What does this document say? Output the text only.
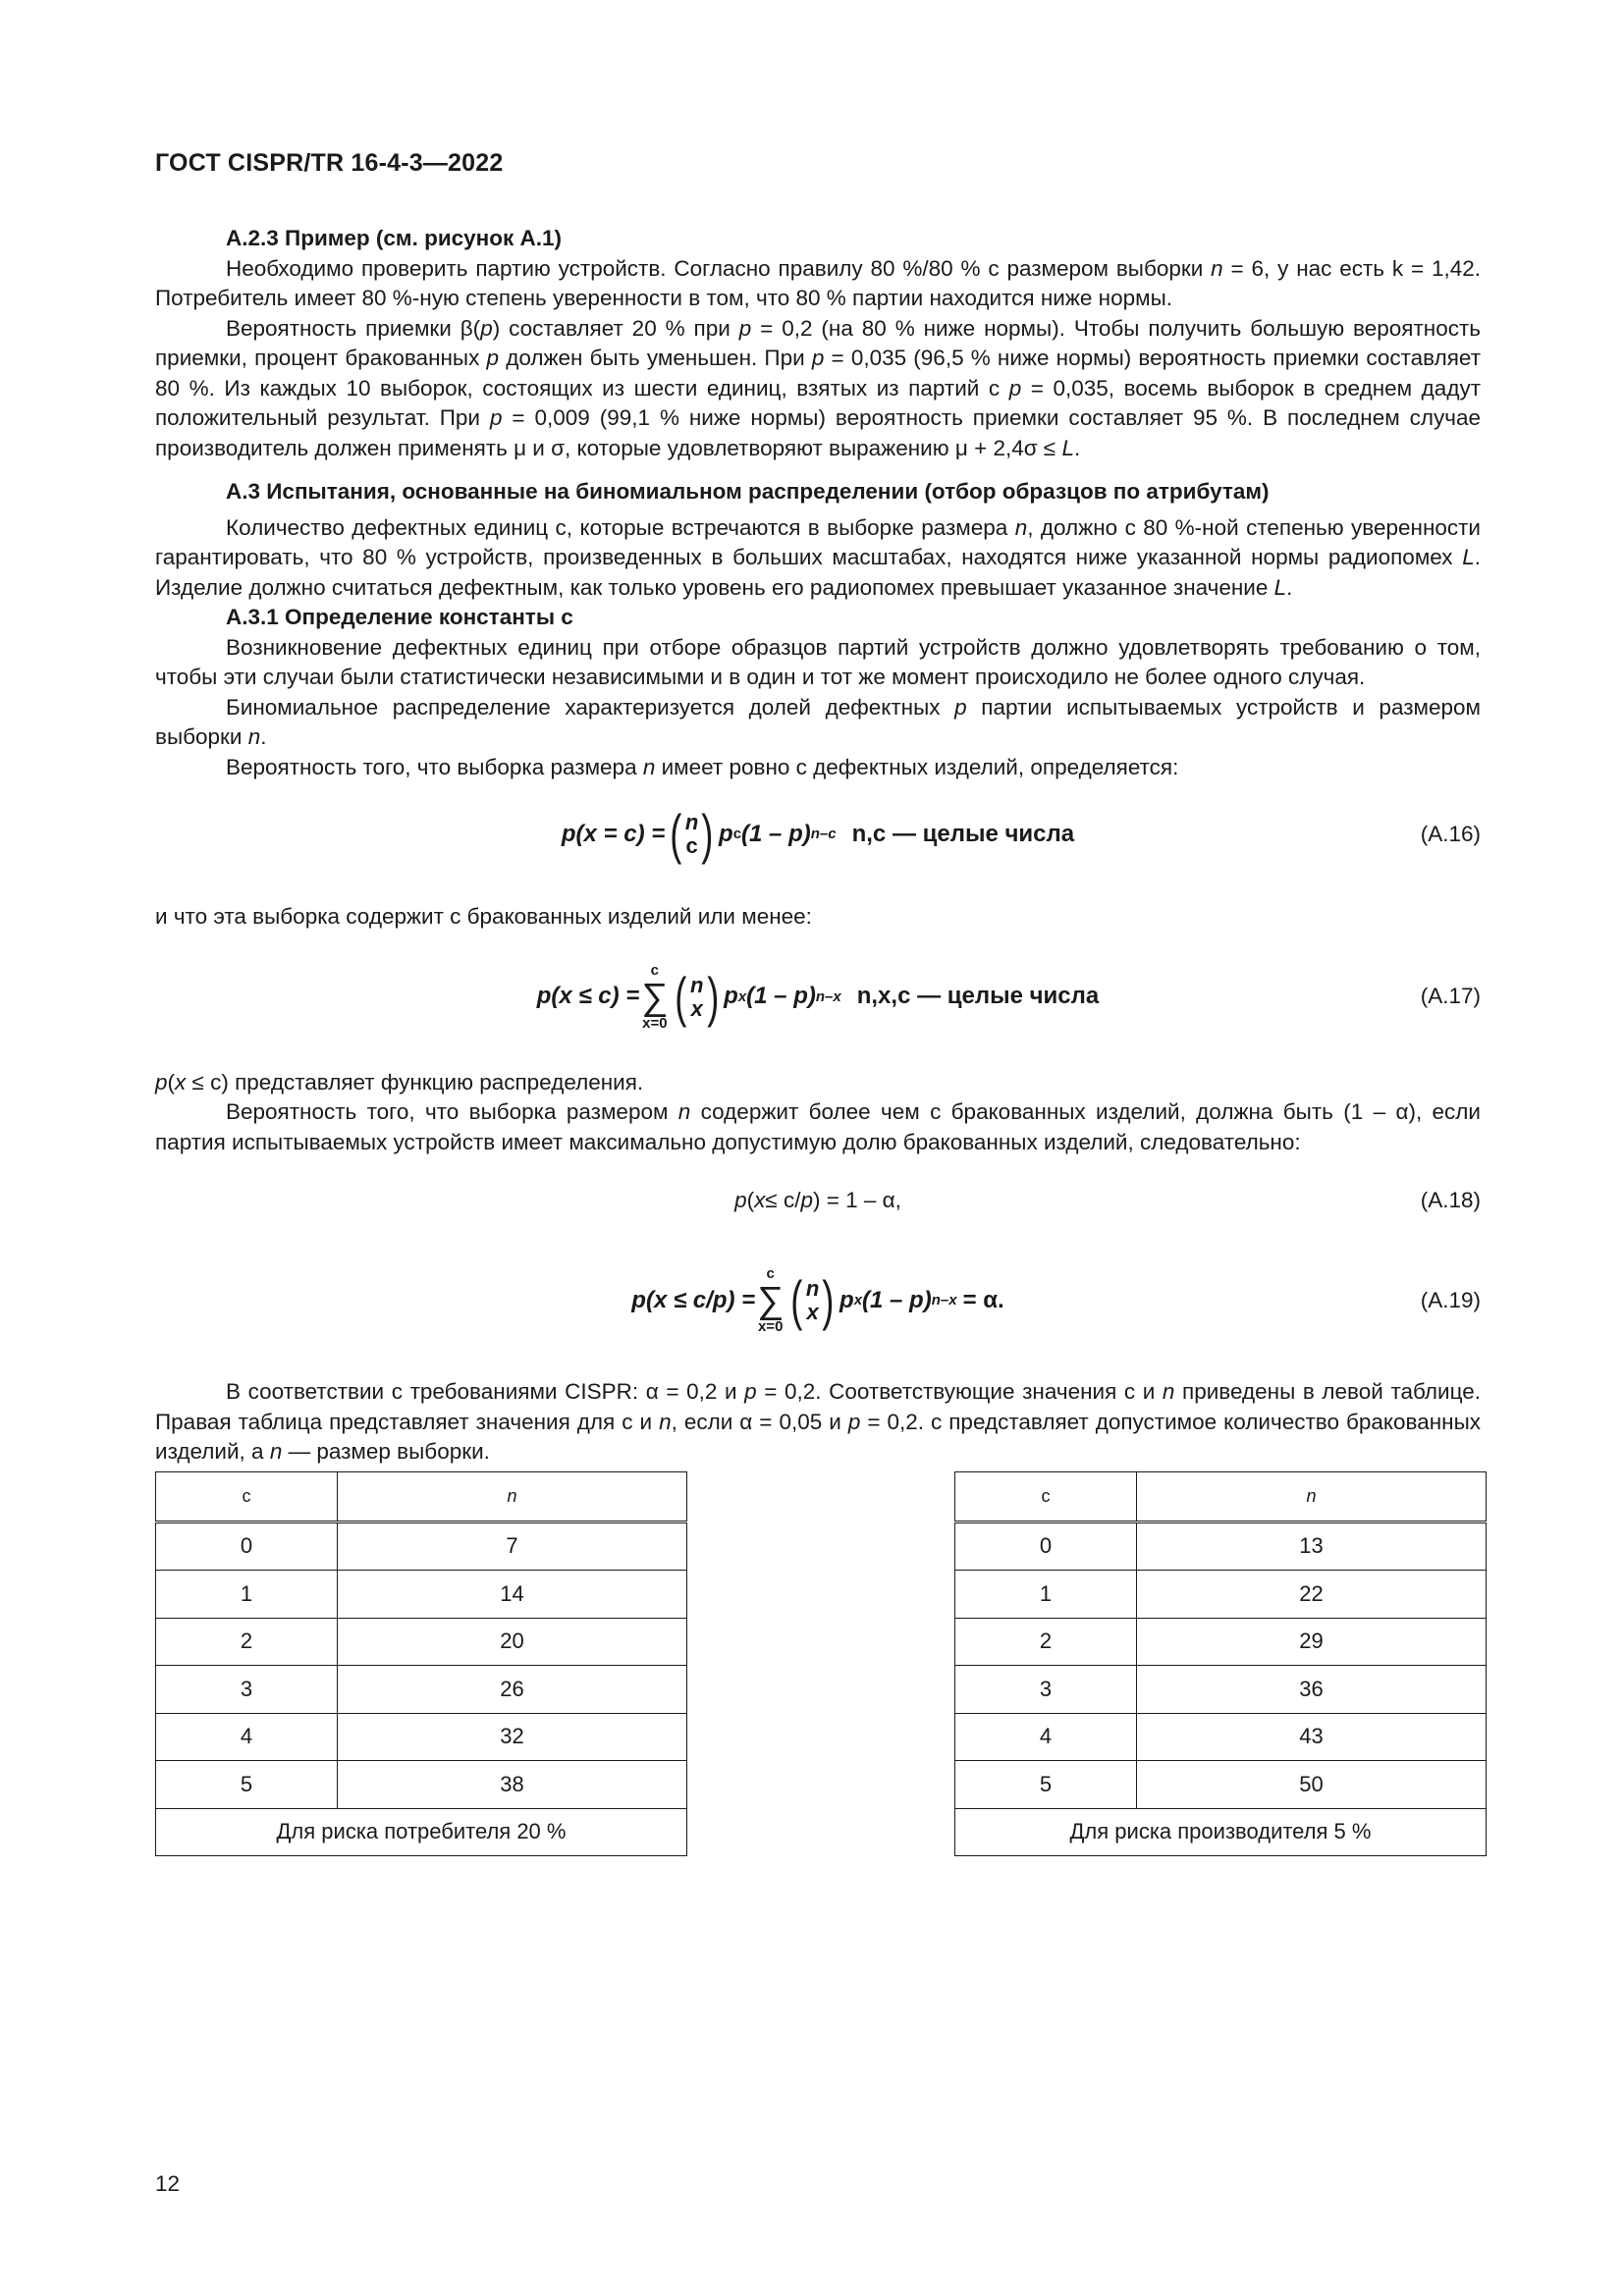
ГОСТ CISPR/TR 16-4-3—2022

А.2.3 Пример (см. рисунок А.1)

Необходимо проверить партию устройств. Согласно правилу 80 %/80 % с размером выборки n = 6, у нас есть k = 1,42. Потребитель имеет 80 %-ную степень уверенности в том, что 80 % партии находится ниже нормы.

Вероятность приемки β(p) составляет 20 % при p = 0,2 (на 80 % ниже нормы). Чтобы получить большую вероятность приемки, процент бракованных p должен быть уменьшен. При p = 0,035 (96,5 % ниже нормы) вероятность приемки составляет 80 %. Из каждых 10 выборок, состоящих из шести единиц, взятых из партий с p = 0,035, восемь выборок в среднем дадут положительный результат. При p = 0,009 (99,1 % ниже нормы) вероятность приемки составляет 95 %. В последнем случае производитель должен применять μ и σ, которые удовлетворяют выражению μ + 2,4σ ≤ L.

А.3 Испытания, основанные на биномиальном распределении (отбор образцов по атрибутам)

Количество дефектных единиц с, которые встречаются в выборке размера n, должно с 80 %-ной степенью уверенности гарантировать, что 80 % устройств, произведенных в больших масштабах, находятся ниже указанной нормы радиопомех L. Изделие должно считаться дефектным, как только уровень его радиопомех превышает указанное значение L.

А.3.1 Определение константы с

Возникновение дефектных единиц при отборе образцов партий устройств должно удовлетворять требованию о том, чтобы эти случаи были статистически независимыми и в один и тот же момент происходило не более одного случая.

Биномиальное распределение характеризуется долей дефектных p партии испытываемых устройств и размером выборки n.

Вероятность того, что выборка размера n имеет ровно с дефектных изделий, определяется:

p(x = c) = ( n
c ) p c (1 – p) n–c n,c — целые числа	(А.16)

и что эта выборка содержит с бракованных изделий или менее:

p(x ≤ c) =
c
∑
x=0 ( n
x ) p x (1 – p) n–x n,x,c — целые числа	(А.17)

p(x ≤ c) представляет функцию распределения.

Вероятность того, что выборка размером n содержит более чем с бракованных изделий, должна быть (1 – α), если партия испытываемых устройств имеет максимально допустимую долю бракованных изделий, следовательно:

p ( x ≤ c/ p ) = 1 – α,	(А.18)
p(x ≤ c/p) =
c
∑
x=0 ( n
x ) p x (1 – p) n–x = α.	(А.19)

В соответствии с требованиями CISPR: α = 0,2 и p = 0,2. Соответствующие значения с и n приведены в левой таблице. Правая таблица представляет значения для с и n, если α = 0,05 и p = 0,2. с представляет допустимое количество бракованных изделий, а n — размер выборки.

c	n
0	7
1	14
2	20
3	26
4	32
5	38
Для риска потребителя 20 %	
c	n
0	13
1	22
2	29
3	36
4	43
5	50
Для риска производителя 5 %	
12
